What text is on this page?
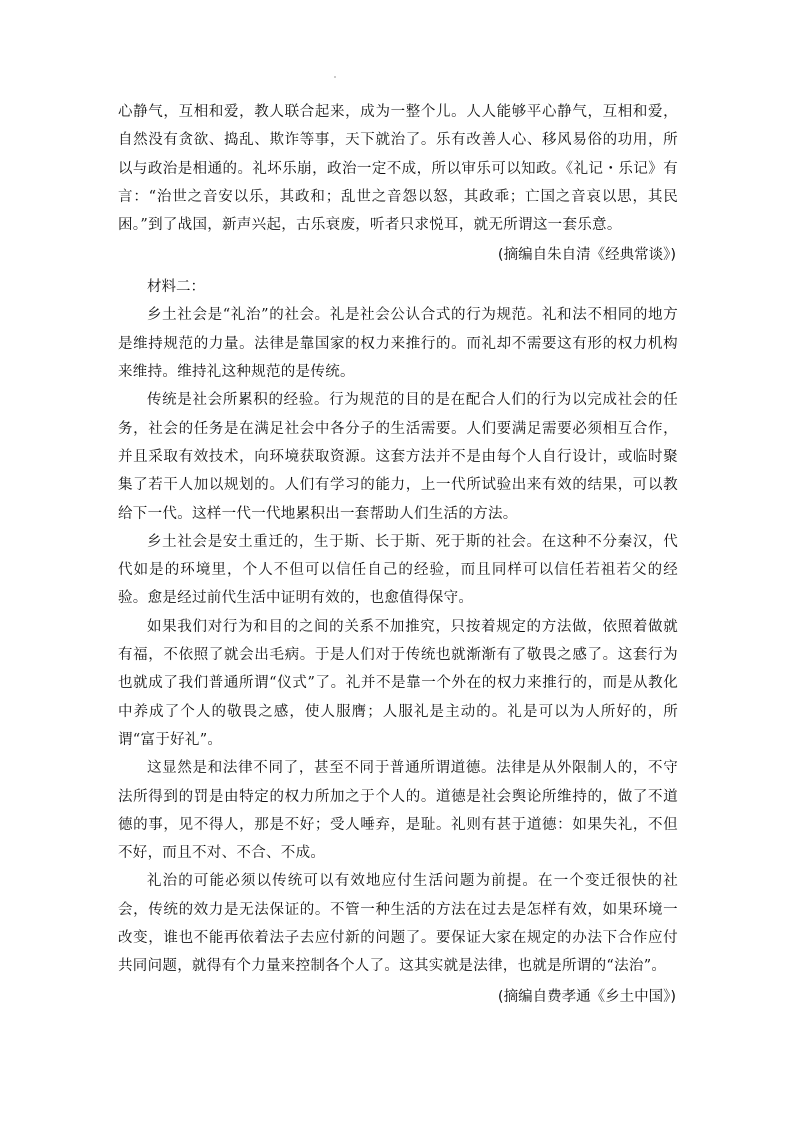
心静气，互相和爱，教人联合起来，成为一整个儿。人人能够平心静气，互相和爱，自然没有贪欲、捣乱、欺诈等事，天下就治了。乐有改善人心、移风易俗的功用，所以与政治是相通的。礼坏乐崩，政治一定不成，所以审乐可以知政。《礼记・乐记》有言：“治世之音安以乐，其政和；乱世之音怨以怒，其政乖；亡国之音哀以思，其民困。”到了战国，新声兴起，古乐衰废，听者只求悦耳，就无所谓这一套乐意。

(摘编自朱自清《经典常谈》)

材料二：

乡土社会是“礼治”的社会。礼是社会公认合式的行为规范。礼和法不相同的地方是维持规范的力量。法律是靠国家的权力来推行的。而礼却不需要这有形的权力机构来维持。维持礼这种规范的是传统。

传统是社会所累积的经验。行为规范的目的是在配合人们的行为以完成社会的任务，社会的任务是在满足社会中各分子的生活需要。人们要满足需要必须相互合作，并且采取有效技术，向环境获取资源。这套方法并不是由每个人自行设计，或临时聚集了若干人加以规划的。人们有学习的能力，上一代所试验出来有效的结果，可以教给下一代。这样一代一代地累积出一套帮助人们生活的方法。

乡土社会是安土重迁的，生于斯、长于斯、死于斯的社会。在这种不分秦汉，代代如是的环境里，个人不但可以信任自己的经验，而且同样可以信任若祖若父的经验。愈是经过前代生活中证明有效的，也愈值得保守。

如果我们对行为和目的之间的关系不加推究，只按着规定的方法做，依照着做就有福，不依照了就会出毛病。于是人们对于传统也就渐渐有了敬畏之感了。这套行为也就成了我们普通所谓“仪式”了。礼并不是靠一个外在的权力来推行的，而是从教化中养成了个人的敬畏之感，使人服膺；人服礼是主动的。礼是可以为人所好的，所谓“富于好礼”。

这显然是和法律不同了，甚至不同于普通所谓道德。法律是从外限制人的，不守法所得到的罚是由特定的权力所加之于个人的。道德是社会舆论所维持的，做了不道德的事，见不得人，那是不好；受人唾弃，是耻。礼则有甚于道德：如果失礼，不但不好，而且不对、不合、不成。

礼治的可能必须以传统可以有效地应付生活问题为前提。在一个变迁很快的社会，传统的效力是无法保证的。不管一种生活的方法在过去是怎样有效，如果环境一改变，谁也不能再依着法子去应付新的问题了。要保证大家在规定的办法下合作应付共同问题，就得有个力量来控制各个人了。这其实就是法律，也就是所谓的“法治”。

(摘编自费孝通《乡土中国》)
